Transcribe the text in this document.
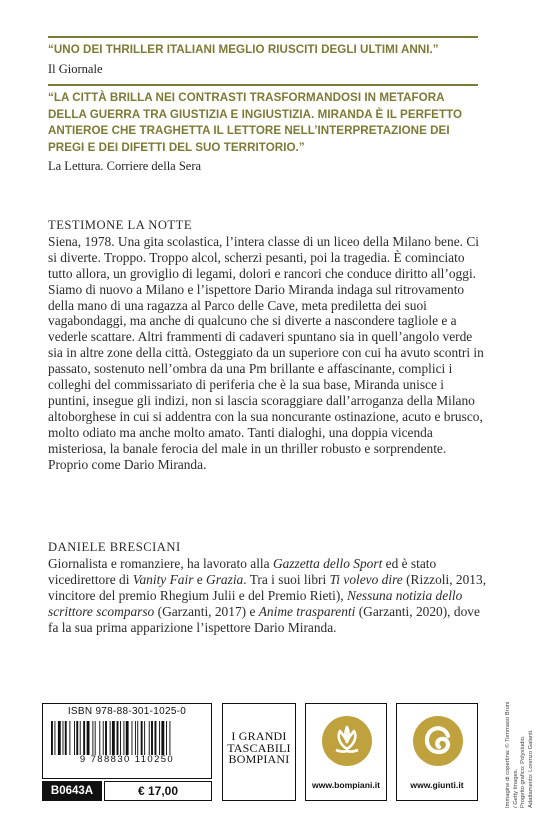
“UNO DEI THRILLER ITALIANI MEGLIO RIUSCITI DEGLI ULTIMI ANNI.”
Il Giornale
“LA CITTÀ BRILLA NEI CONTRASTI TRASFORMANDOSI IN METAFORA DELLA GUERRA TRA GIUSTIZIA E INGIUSTIZIA. MIRANDA È IL PERFETTO ANTIEROE CHE TRAGHETTA IL LETTORE NELL’INTERPRETAZIONE DEI PREGI E DEI DIFETTI DEL SUO TERRITORIO.”
La Lettura. Corriere della Sera
TESTIMONE LA NOTTE
Siena, 1978. Una gita scolastica, l’intera classe di un liceo della Milano bene. Ci si diverte. Troppo. Troppo alcol, scherzi pesanti, poi la tragedia. È cominciato tutto allora, un groviglio di legami, dolori e rancori che conduce diritto all’oggi. Siamo di nuovo a Milano e l’ispettore Dario Miranda indaga sul ritrovamento della mano di una ragazza al Parco delle Cave, meta prediletta dei suoi vagabondaggi, ma anche di qualcuno che si diverte a nascondere tagliole e a vederle scattare. Altri frammenti di cadaveri spuntano sia in quell’angolo verde sia in altre zone della città. Osteggiato da un superiore con cui ha avuto scontri in passato, sostenuto nell’ombra da una Pm brillante e affascinante, complici i colleghi del commissariato di periferia che è la sua base, Miranda unisce i puntini, insegue gli indizi, non si lascia scoraggiare dall’arroganza della Milano altoborghese in cui si addentra con la sua noncurante ostinazione, acuto e brusco, molto odiato ma anche molto amato. Tanti dialoghi, una doppia vicenda misteriosa, la banale ferocia del male in un thriller robusto e sorprendente. Proprio come Dario Miranda.
DANIELE BRESCIANI
Giornalista e romanziere, ha lavorato alla Gazzetta dello Sport ed è stato vicedirettore di Vanity Fair e Grazia. Tra i suoi libri Ti volevo dire (Rizzoli, 2013, vincitore del premio Rhegium Julii e del Premio Rieti), Nessuna notizia dello scrittore scomparso (Garzanti, 2017) e Anime trasparenti (Garzanti, 2020), dove fa la sua prima apparizione l’ispettore Dario Miranda.
ISBN 978-88-301-1025-0
9 788830 110250
B0643A	€ 17,00
I GRANDI
TASCABILI
BOMPIANI
www.bompiani.it	www.giunti.it	Immagine di copertina: © Tommaso Bruni / Getty Images. Progetto grafico: Polystudio. Adattamento: Lorenzo Galanti.
